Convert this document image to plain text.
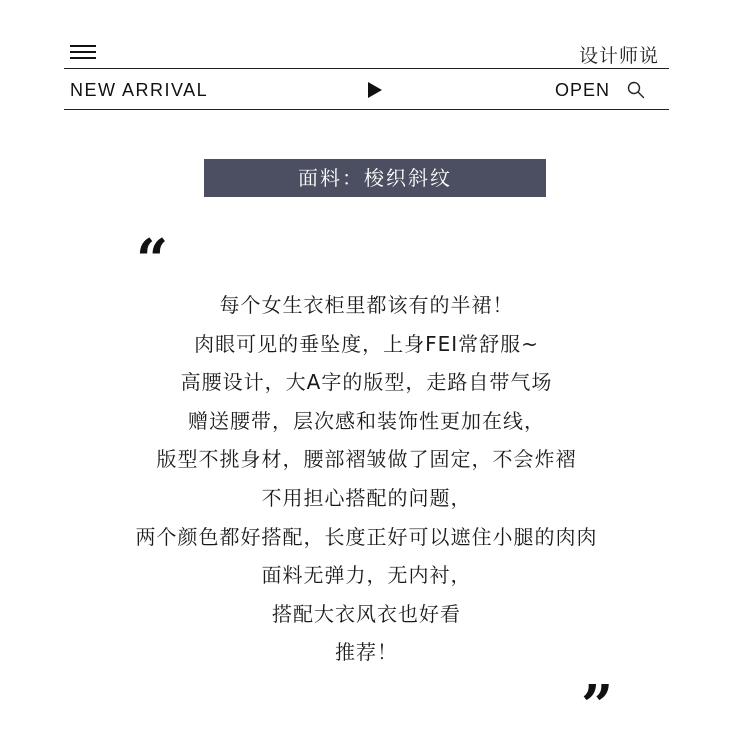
设计师说
NEW ARRIVAL	OPEN
面料：梭织斜纹
“
每个女生衣柜里都该有的半裙！
肉眼可见的垂坠度，上身FEI常舒服~
高腰设计，大A字的版型，走路自带气场
赠送腰带，层次感和装饰性更加在线，
版型不挑身材，腰部褶皱做了固定，不会炸褶
不用担心搭配的问题，
两个颜色都好搭配，长度正好可以遮住小腿的肉肉
面料无弹力，无内衬，
搭配大衣风衣也好看
推荐！
”
